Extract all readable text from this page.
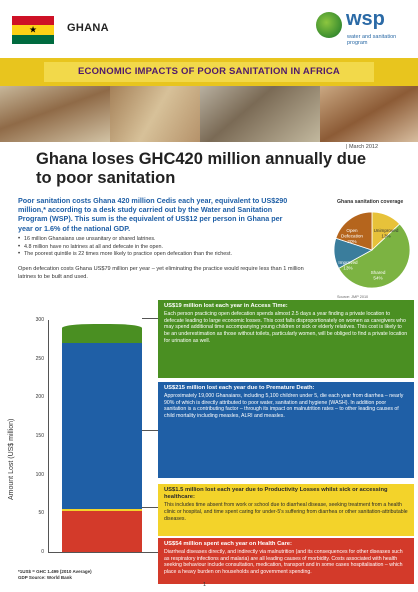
★	GHANA	wsp
water and sanitation program
ECONOMIC IMPACTS OF POOR SANITATION IN AFRICA
| March 2012
Ghana loses GHC420 million annually due to poor sanitation
Poor sanitation costs Ghana 420 million Cedis each year, equivalent to US$290 million,* according to a desk study carried out by the Water and Sanitation Program (WSP). This sum is the equivalent of US$12 per person in Ghana per year or 1.6% of the national GDP.
• 16 million Ghanaians use unsanitary or shared latrines.
• 4.8 million have no latrines at all and defecate in the open.
• The poorest quintile is 22 times more likely to practice open defecation than the richest.
Open defecation costs Ghana US$79 million per year – yet eliminating the practice would require less than 1 million latrines to be built and used.
Ghana sanitation coverage
Unimproved
13%
Shared
54%
Improved
13%
Open
Defecation
20%
Source: JMP 2010
Amount Lost (US$ million)
0
50
100
150
200
250
300
US$19 million lost each year in Access Time:
Each person practicing open defecation spends almost 2.5 days a year finding a private location to defecate leading to large economic losses. This cost falls disproportionately on women as caregivers who may spend additional time accompanying young children or sick or elderly relatives. This cost is likely to be an underestimation as those without toilets, particularly women, will be obliged to find a private location for urination as well.
US$215 million lost each year due to Premature Death:
Approximately 19,000 Ghanaians, including 5,100 children under 5, die each year from diarrhea – nearly 90% of which is directly attributed to poor water, sanitation and hygiene (WASH). In addition poor sanitation is a contributing factor – through its impact on malnutrition rates – to other leading causes of child mortality including measles, ALRI and measles.
US$1.5 million lost each year due to Productivity Losses whilst sick or accessing healthcare:
This includes time absent from work or school due to diarrheal disease, seeking treatment from a health clinic or hospital, and time spent caring for under-5's suffering from diarrhea or other sanitation-attributable diseases.
US$54 million spent each year on Health Care:
Diarrheal diseases directly, and indirectly via malnutrition (and its consequences for other diseases such as respiratory infections and malaria) are all leading causes of morbidity. Costs associated with health seeking behaviour include consultation, medication, transport and in some cases hospitalisation – which place a heavy burden on households and government spending.
*1US$ = GHC 1.499 (2010 Average)
GDP Source: World Bank
1
